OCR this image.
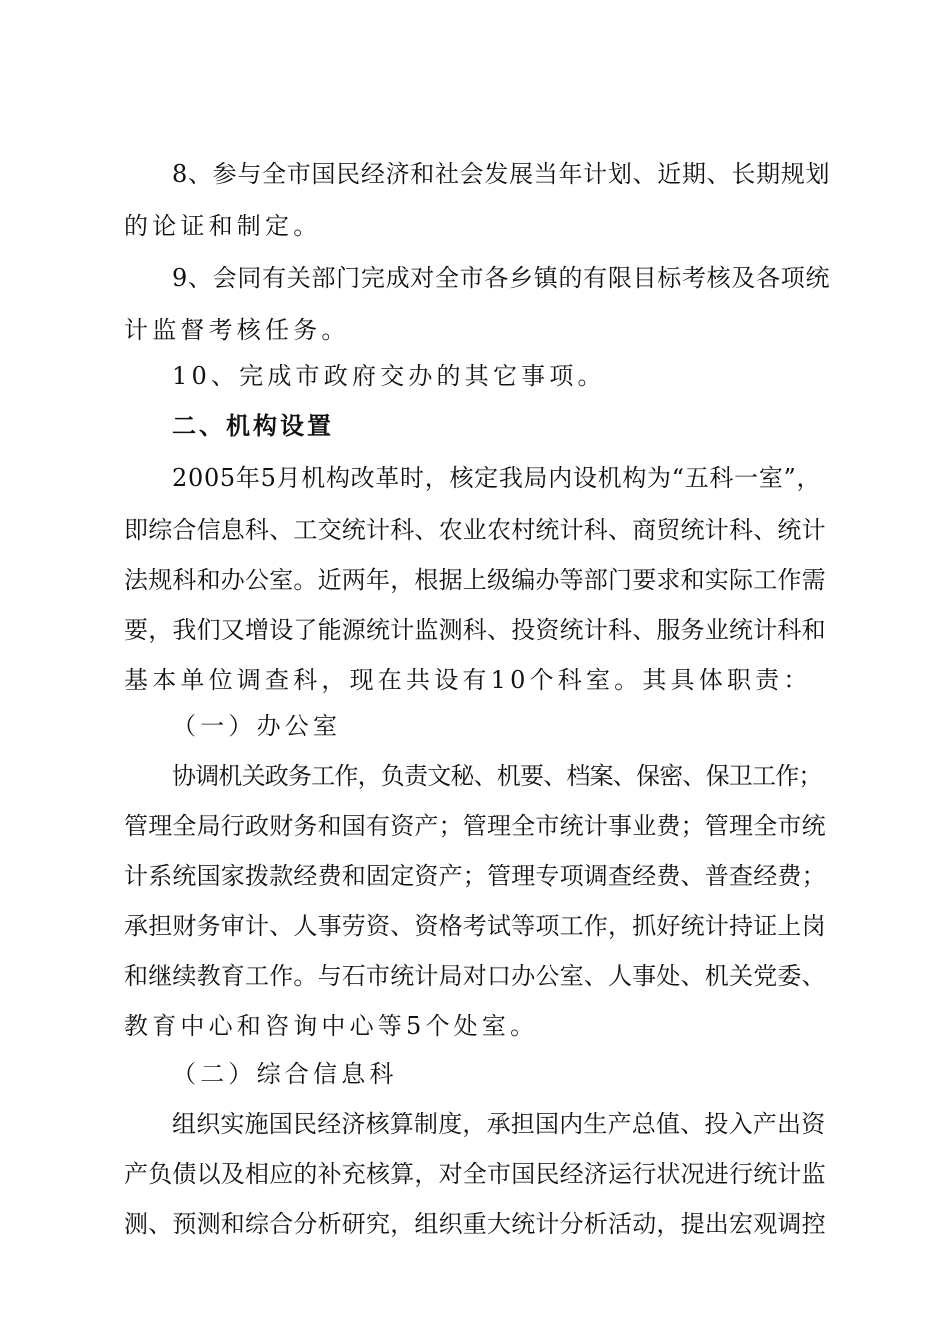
8、参与全市国民经济和社会发展当年计划、近期、长期规划
的论证和制定。
9、会同有关部门完成对全市各乡镇的有限目标考核及各项统
计监督考核任务。
10、完成市政府交办的其它事项。
二、机构设置
2005年5月机构改革时，核定我局内设机构为“五科一室”，
即综合信息科、工交统计科、农业农村统计科、商贸统计科、统计
法规科和办公室。近两年，根据上级编办等部门要求和实际工作需
要，我们又增设了能源统计监测科、投资统计科、服务业统计科和
基本单位调查科，现在共设有10个科室。其具体职责：
（一）办公室
协调机关政务工作，负责文秘、机要、档案、保密、保卫工作；
管理全局行政财务和国有资产；管理全市统计事业费；管理全市统
计系统国家拨款经费和固定资产；管理专项调查经费、普查经费；
承担财务审计、人事劳资、资格考试等项工作，抓好统计持证上岗
和继续教育工作。与石市统计局对口办公室、人事处、机关党委、
教育中心和咨询中心等5个处室。
（二）综合信息科
组织实施国民经济核算制度，承担国内生产总值、投入产出资
产负债以及相应的补充核算，对全市国民经济运行状况进行统计监
测、预测和综合分析研究，组织重大统计分析活动，提出宏观调控
